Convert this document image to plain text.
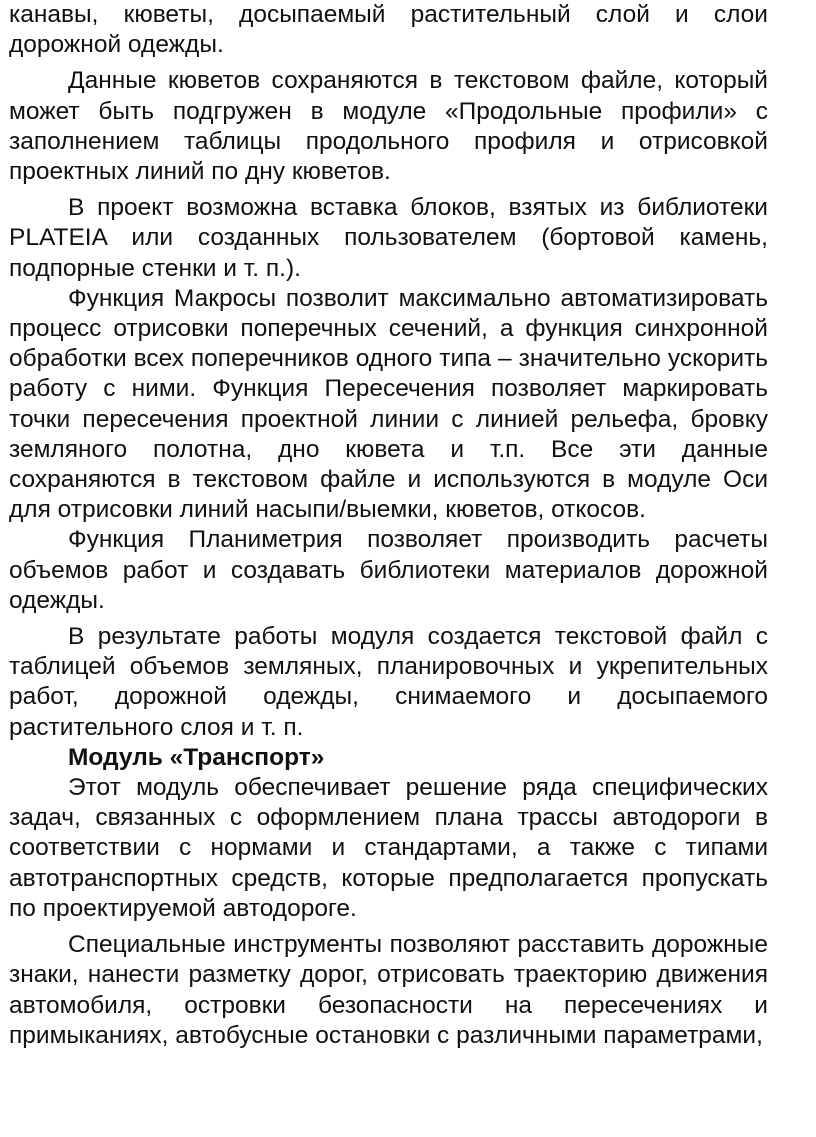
канавы, кюветы, досыпаемый растительный слой и слои дорожной одежды.

Данные кюветов сохраняются в текстовом файле, который может быть подгружен в модуле «Продольные профили» с заполнением таблицы продольного профиля и отрисовкой проектных линий по дну кюветов.

В проект возможна вставка блоков, взятых из библиотеки PLATEIA или созданных пользователем (бортовой камень, подпорные стенки и т. п.).

Функция Макросы позволит максимально автоматизировать процесс отрисовки поперечных сечений, а функция синхронной обработки всех поперечников одного типа – значительно ускорить работу с ними. Функция Пересечения позволяет маркировать точки пересечения проектной линии с линией рельефа, бровку земляного полотна, дно кювета и т.п. Все эти данные сохраняются в текстовом файле и используются в модуле Оси для отрисовки линий насыпи/выемки, кюветов, откосов.

Функция Планиметрия позволяет производить расчеты объемов работ и создавать библиотеки материалов дорожной одежды.

В результате работы модуля создается текстовой файл с таблицей объемов земляных, планировочных и укрепительных работ, дорожной одежды, снимаемого и досыпаемого растительного слоя и т. п.

Модуль «Транспорт»

Этот модуль обеспечивает решение ряда специфических задач, связанных с оформлением плана трассы автодороги в соответствии с нормами и стандартами, а также с типами автотранспортных средств, которые предполагается пропускать по проектируемой автодороге.

Специальные инструменты позволяют расставить дорожные знаки, нанести разметку дорог, отрисовать траекторию движения автомобиля, островки безопасности на пересечениях и примыканиях, автобусные остановки с различными параметрами,
